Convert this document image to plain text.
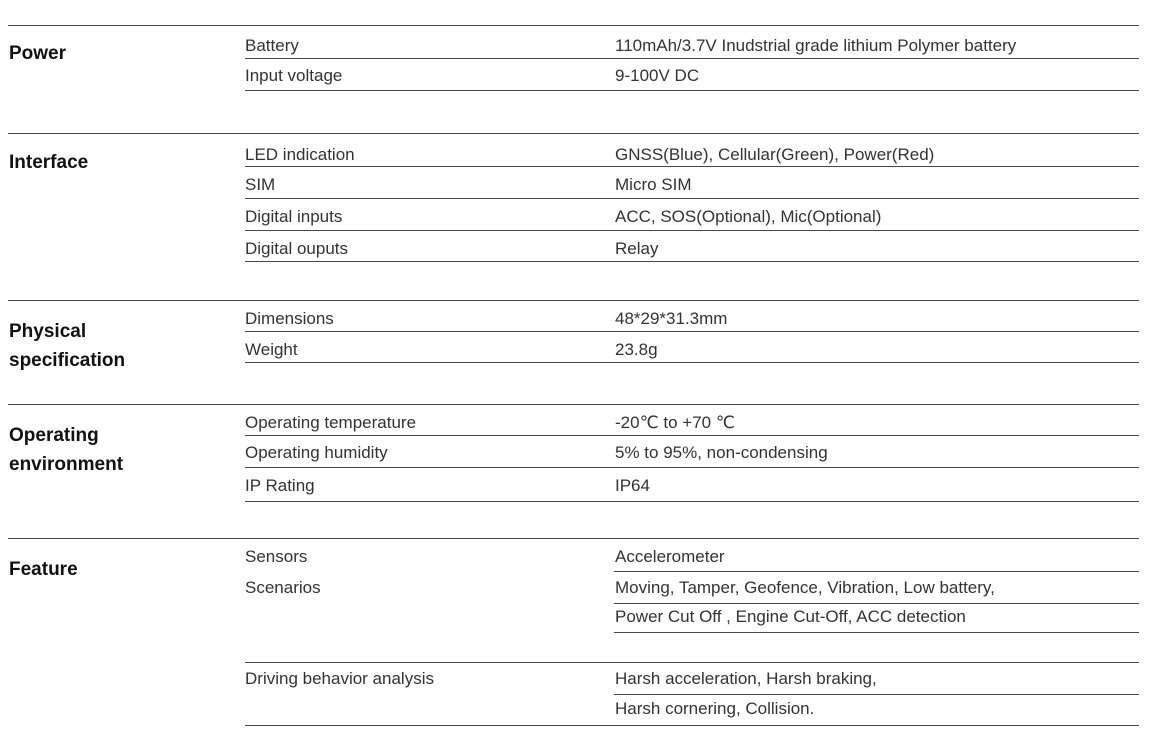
Power	Battery	110mAh/3.7V Inudstrial grade lithium Polymer battery
Input voltage	9-100V DC
Interface	LED indication	GNSS(Blue), Cellular(Green), Power(Red)
SIM	Micro SIM
Digital inputs	ACC, SOS(Optional), Mic(Optional)
Digital ouputs	Relay
Physical
specification
Dimensions	48*29*31.3mm
Weight	23.8g
Operating
environment
Operating temperature	-20℃ to +70 ℃
Operating humidity	5% to 95%, non-condensing
IP Rating	IP64
Feature
Sensors	Accelerometer
Scenarios	Moving, Tamper, Geofence, Vibration, Low battery,
Power Cut Off , Engine Cut-Off, ACC detection
Driving behavior analysis	Harsh acceleration, Harsh braking,
Harsh cornering, Collision.
